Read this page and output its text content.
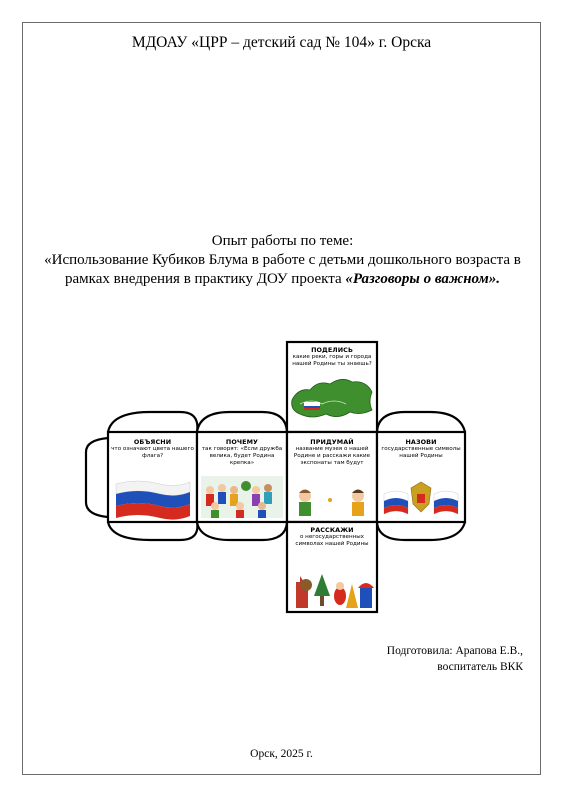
МДОАУ «ЦРР – детский сад № 104» г. Орска
Опыт работы по теме:
«Использование Кубиков Блума в работе с детьми дошкольного возраста в рамках внедрения в практику ДОУ проекта «Разговоры о важном».
ПОДЕЛИСЬ
какие реки, горы и города нашей Родины ты знаешь?
ОБЪЯСНИ
что означают цвета нашего флага?
ПОЧЕМУ
так говорят: «Если дружба велика, будет Родина крепка»
ПРИДУМАЙ
название музея о нашей Родине и расскажи какие экспонаты там будут
НАЗОВИ
государственные символы нашей Родины
РАССКАЖИ
о негосударственных символах нашей Родины
Подготовила: Арапова Е.В.,
воспитатель ВКК
Орск, 2025 г.
